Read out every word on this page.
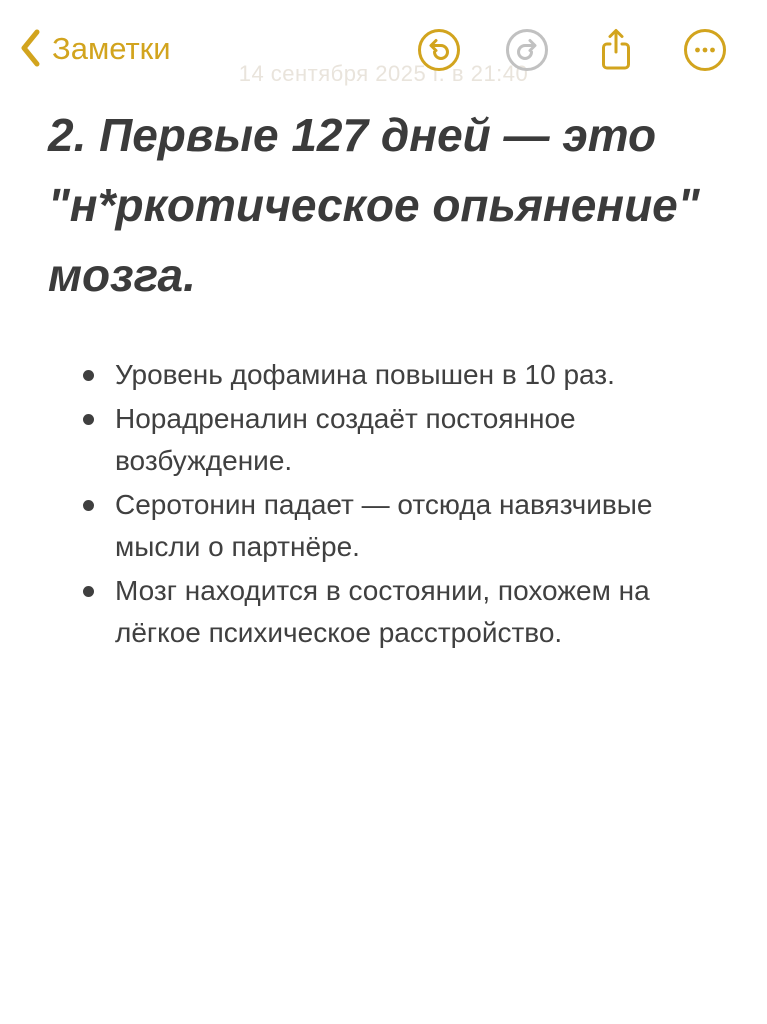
Заметки
14 сентября 2025 г. в 21:40
2. Первые 127 дней — это
"н*ркотическое опьянение"
мозга.
Уровень дофамина повышен в 10 раз.
Норадреналин создаёт постоянное
возбуждение.
Серотонин падает — отсюда навязчивые
мысли о партнёре.
Мозг находится в состоянии, похожем на
лёгкое психическое расстройство.
